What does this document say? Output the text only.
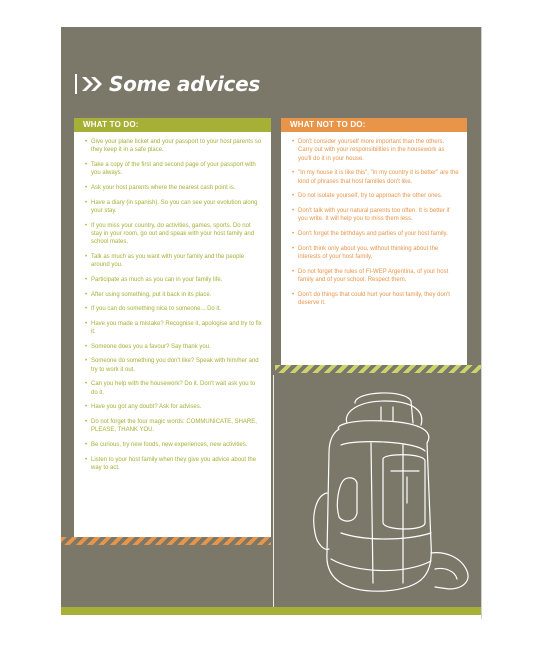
Some advices
WHAT TO DO:
• Give your plane ticket and your passport to your host parents so they keep it in a safe place.
• Take a copy of the first and second page of your passport with you always.
• Ask your host parents where the nearest cash point is.
• Have a diary (in spanish). So you can see your evolution along your stay.
• If you miss your country, do activities, games, sports. Do not stay in your room, go out and speak with your host family and school mates.
• Talk as much as you want with your family and the people around you.
• Participate as much as you can in your family life.
• After using something, put it back in its place.
• If you can do something nice to someone... Do it.
• Have you made a mistake? Recognise it, apologise and try to fix it.
• Someone does you a favour? Say thank you.
• Someone do something you don't like? Speak with him/her and try to work it out.
• Can you help with the housework? Do it. Don't wait ask you to do it.
• Have you got any doubt? Ask for advises.
• Do not forget the four magic words: COMMUNICATE, SHARE, PLEASE, THANK YOU.
• Be curious, try new foods, new experiences, new activities.
• Listen to your host family when they give you advice about the way to act.
WHAT NOT TO DO:
• Don't consider yourself more important than the others. Carry out with your responsibilities in the housework as you'll do it in your house.
• "In my house it is like this", "in my country it is better" are the kind of phrases that host families don't like.
• Do not isolate yourself, try to approach the other ones.
• Don't talk with your natural parents too often. It is better if you write. It will help you to miss them less.
• Don't forget the birthdays and parties of your host family.
• Don't think only about you, without thinking about the interests of your host family.
• Do not forget the rules of FI-WEP Argentina, of your host family and of your school. Respect them.
• Don't do things that could hurt your host family, they don't deserve it.
